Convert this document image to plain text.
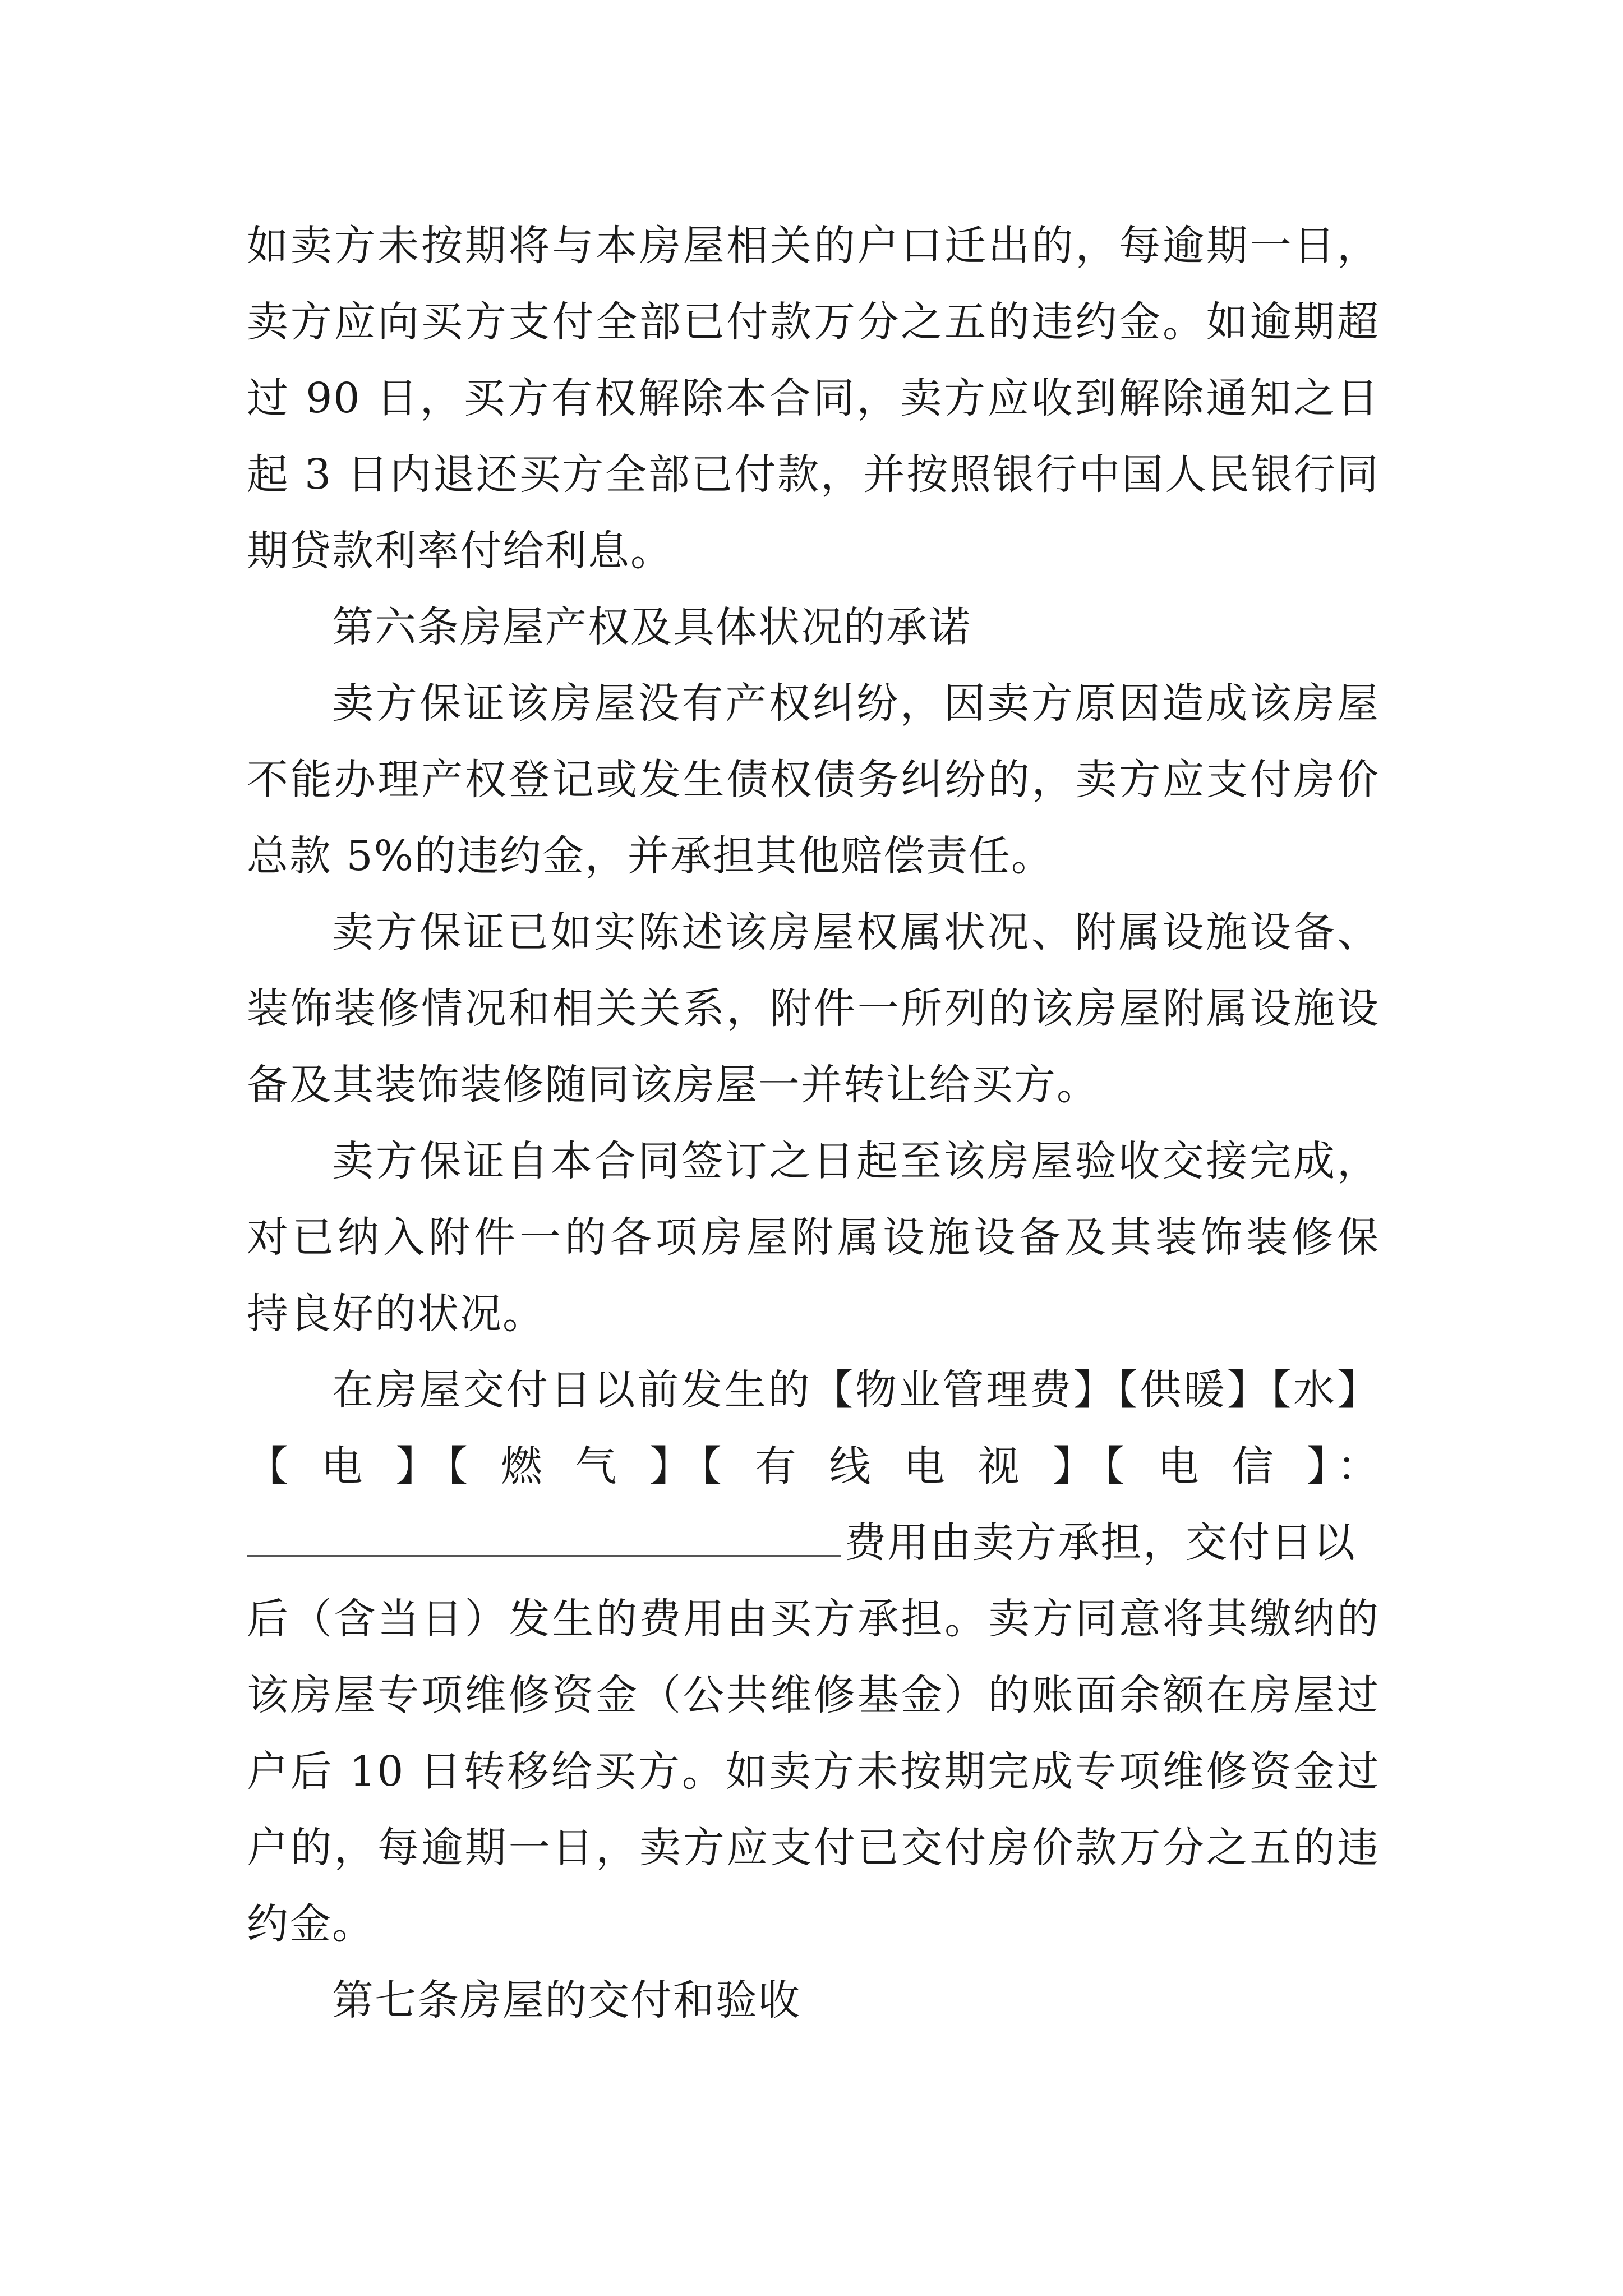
如卖方未按期将与本房屋相关的户口迁出的，每逾期一日，
卖方应向买方支付全部已付款万分之五的违约金。如逾期超
过 90 日，买方有权解除本合同，卖方应收到解除通知之日
起 3 日内退还买方全部已付款，并按照银行中国人民银行同
期贷款利率付给利息。
第六条房屋产权及具体状况的承诺
卖方保证该房屋没有产权纠纷，因卖方原因造成该房屋
不能办理产权登记或发生债权债务纠纷的，卖方应支付房价
总款 5%的违约金，并承担其他赔偿责任。
卖方保证已如实陈述该房屋权属状况、附属设施设备、
装饰装修情况和相关关系，附件一所列的该房屋附属设施设
备及其装饰装修随同该房屋一并转让给买方。
卖方保证自本合同签订之日起至该房屋验收交接完成，
对已纳入附件一的各项房屋附属设施设备及其装饰装修保
持良好的状况。
在房屋交付日以前发生的【物业管理费】【供暖】【水】
【 电 】【 燃 气 】【 有 线 电 视 】【 电 信 】：
费用由卖方承担，交付日以
后（含当日）发生的费用由买方承担。卖方同意将其缴纳的
该房屋专项维修资金（公共维修基金）的账面余额在房屋过
户后 10 日转移给买方。如卖方未按期完成专项维修资金过
户的，每逾期一日，卖方应支付已交付房价款万分之五的违
约金。
第七条房屋的交付和验收
